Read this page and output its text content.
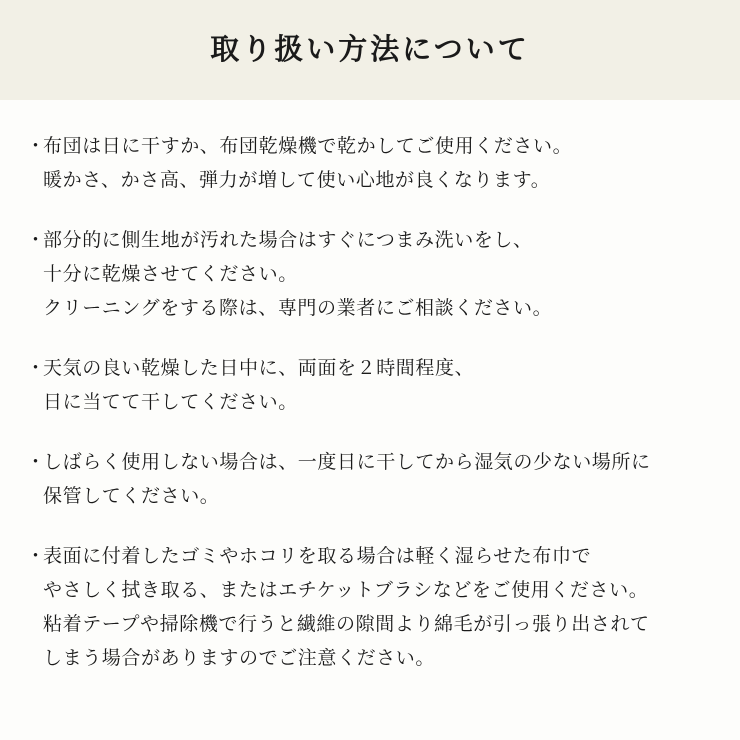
取り扱い方法について
・
布団は日に干すか、布団乾燥機で乾かしてご使用ください。
暖かさ、かさ高、弾力が増して使い心地が良くなります。
・
部分的に側生地が汚れた場合はすぐにつまみ洗いをし、
十分に乾燥させてください。
クリーニングをする際は、専門の業者にご相談ください。
・
天気の良い乾燥した日中に、両面を２時間程度、
日に当てて干してください。
・
しばらく使用しない場合は、一度日に干してから湿気の少ない場所に
保管してください。
・
表面に付着したゴミやホコリを取る場合は軽く湿らせた布巾で
やさしく拭き取る、またはエチケットブラシなどをご使用ください。
粘着テープや掃除機で行うと繊維の隙間より綿毛が引っ張り出されて
しまう場合がありますのでご注意ください。
